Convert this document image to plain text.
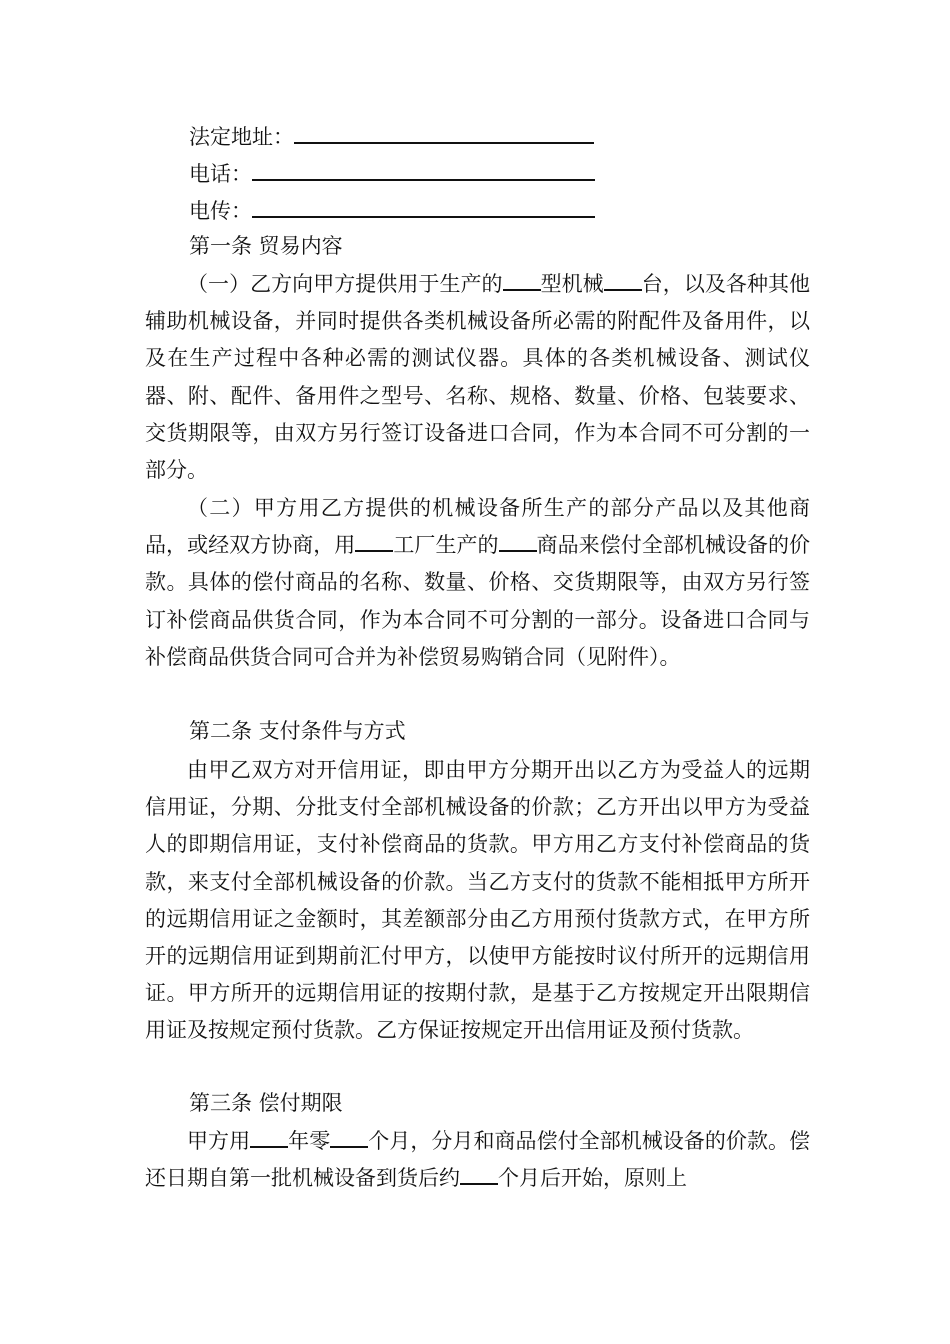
法定地址：
电话：
电传：
第一条 贸易内容

（一）乙方向甲方提供用于生产的 型机械 台，以及各种其他辅助机械设备，并同时提供各类机械设备所必需的附配件及备用件，以及在生产过程中各种必需的测试仪器。具体的各类机械设备、测试仪器、附、配件、备用件之型号、名称、规格、数量、价格、包装要求、交货期限等，由双方另行签订设备进口合同，作为本合同不可分割的一部分。

（二）甲方用乙方提供的机械设备所生产的部分产品以及其他商品，或经双方协商，用 工厂生产的 商品来偿付全部机械设备的价款。具体的偿付商品的名称、数量、价格、交货期限等，由双方另行签订补偿商品供货合同，作为本合同不可分割的一部分。设备进口合同与补偿商品供货合同可合并为补偿贸易购销合同（见附件）。

第二条 支付条件与方式

由甲乙双方对开信用证，即由甲方分期开出以乙方为受益人的远期信用证，分期、分批支付全部机械设备的价款；乙方开出以甲方为受益人的即期信用证，支付补偿商品的货款。甲方用乙方支付补偿商品的货款，来支付全部机械设备的价款。当乙方支付的货款不能相抵甲方所开的远期信用证之金额时，其差额部分由乙方用预付货款方式，在甲方所开的远期信用证到期前汇付甲方，以使甲方能按时议付所开的远期信用证。甲方所开的远期信用证的按期付款，是基于乙方按规定开出限期信用证及按规定预付货款。乙方保证按规定开出信用证及预付货款。

第三条 偿付期限

甲方用 年零 个月，分月和商品偿付全部机械设备的价款。偿还日期自第一批机械设备到货后约 个月后开始，原则上
